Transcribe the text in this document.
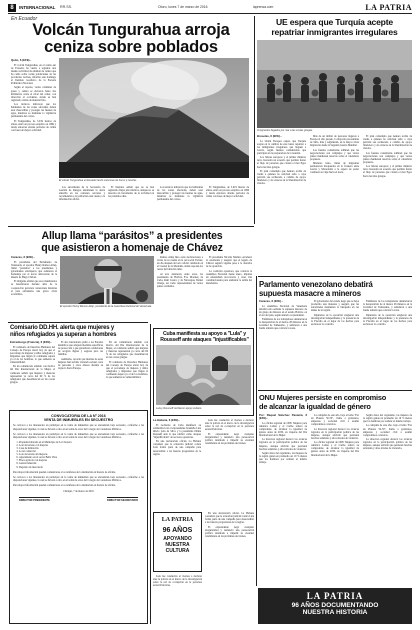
8	INTERNACIONAL RR.SS.	Otoro, lunes 7 de marzo de 2016	laprensa.com	LA PATRIA
En Ecuador
Volcán Tungurahua arroja
ceniza sobre poblados
Quito, 6 (EFE).-

El volcán Tungurahua, en el centro-sur de Ecuador, ha vuelto a registrar una intensa actividad de emisión de ceniza que ha caído sobre varias poblaciones de las provincias vecinas, informó este domingo el Instituto Geofísico de la Escuela Politécnica Nacional.

Según el reporte, varias columnas de gases y ceniza se elevaron hasta dos kilómetros sobre el nivel del cráter, con dirección al occidente, donde se han registrado caídas de material fino.

Los técnicos indicaron que los habitantes de las zonas afectadas deben usar mascarillas y proteger las fuentes de agua, mientras se mantiene la vigilancia permanente del coloso.

El Tungurahua, de 5.019 metros de altura, entró en proceso eruptivo en 1999 y desde entonces alterna períodos de calma con fases de mayor actividad.

El volcán Tungurahua en Ecuador lanzó columnas de humo y cenizas.

Las autoridades de la Secretaría de Gestión de Riesgos mantienen la alerta amarilla en los cantones cercanos y recomiendan a la población estar atenta a la información oficial.

El Instituto señaló que no se han registrado flujos piroclásticos, aunque no se descarta un incremento de la actividad en los próximos días.

Los técnicos indicaron que los habitantes de las zonas afectadas deben usar mascarillas y proteger las fuentes de agua, mientras se mantiene la vigilancia permanente del coloso.

El Tungurahua, de 5.019 metros de altura, entró en proceso eruptivo en 1999 y desde entonces alterna períodos de calma con fases de mayor actividad.

UE espera que Turquía acepte
repatriar inmigrantes irregulares
Inmigrantes llegados por mar a las costas griegas.
Bruselas, 6 (EFE).-

La Unión Europea espera que Turquía acepte en la cumbre de este lunes repatriar a los inmigrantes irregulares que lleguen a Grecia, según fuentes comunitarias que participan en la preparación de la reunión.

Los líderes europeos y el primer ministro turco buscarán un acuerdo que permita frenar el flujo de personas que cruzan el mar Egeo hacia las islas griegas.

El plan contempla que Ankara reciba de vuelta a quienes no soliciten asilo o cuya petición sea rechazada, a cambio de apoyo financiero y de avances en la liberalización de visados.

Más de un millón de personas llegaron a Europa el año pasado, la mayoría procedentes de Siria, Irak y Afganistán, en la mayor crisis migratoria desde la Segunda Guerra Mundial.

Las fuentes consultadas admiten que las negociaciones son complejas y que varios países mantienen reservas sobre el calendario propuesto.

Mientras tanto, miles de migrantes permanecen bloqueados en la frontera entre Grecia y Macedonia a la espera de poder continuar su viaje hacia el norte.

El plan contempla que Ankara reciba de vuelta a quienes no soliciten asilo o cuya petición sea rechazada, a cambio de apoyo financiero y de avances en la liberalización de visados.

Las fuentes consultadas admiten que las negociaciones son complejas y que varios países mantienen reservas sobre el calendario propuesto.

Los líderes europeos y el primer ministro turco buscarán un acuerdo que permita frenar el flujo de personas que cruzan el mar Egeo hacia las islas griegas.

Allup llama “parásitos” a presidentes
que asistieron a homenaje de Chávez
Caracas, 6 (EFE).-

El presidente del Parlamento de Venezuela, el opositor Henry Ramos Allup, llamó "parásitos" a los presidentes y gobernantes extranjeros que asistieron al homenaje por el tercer aniversario de la muerte de Hugo Chávez.

El dirigente afirmó que esos mandatarios se beneficiaron durante años de la cooperación petrolera venezolana mientras el país enfrentaba una grave crisis económica.

El opositor Henry Ramos Allup, presidente de la Asamblea Nacional de Venezuela.

Ramos Allup hizo estas declaraciones a través de su cuenta en la red social Twitter, un día después del acto oficial celebrado en el Cuartel de la Montaña, donde reposan los restos del fallecido líder.

Al acto asistieron, entre otros, los presidentes de Bolivia, Evo Morales; de Cuba, Raúl Castro; y de Nicaragua, Daniel Ortega, así como representantes de varios países caribeños.

El presidente Nicolás Maduro encabezó la ceremonia y aseguró que el legado de Chávez seguirá vigente pese a la ofensiva de la oposición.

La coalición opositora, que controla la Asamblea Nacional desde enero, impulsa un referéndum revocatorio y otras vías constitucionales para adelantar la salida del mandatario.

Comisario DD.HH. alerta que mujeres y
niños refugiados ya superan a hombres
Estrasburgo (Francia), 6 (EFE).-

El comisario de Derechos Humanos del Consejo de Europa alertó hoy de que el porcentaje de mujeres y niños refugiados y migrantes que llegan al continente supera ya al de los hombres, lo que aumenta su vulnerabilidad.

En un comunicado emitido con motivo del Día Internacional de la Mujer, el comisario señaló que mujeres y menores representan ya cerca del 60 % de los refugiados que desembarcan en las costas griegas.

El alto funcionario pidió a los Estados miembros que adopten medidas específicas de protección y que garanticen condiciones de acogida dignas y seguras para las familias.

Asimismo, recordó que muchas de estas mujeres han sufrido violencia sexual, trata de personas y otros abusos durante su trayecto hacia Europa.

En un comunicado emitido con motivo del Día Internacional de la Mujer, el comisario señaló que mujeres y menores representan ya cerca del 60 % de los refugiados que desembarcan en las costas griegas.

El comisario de Derechos Humanos del Consejo de Europa alertó hoy de que el porcentaje de mujeres y niños refugiados y migrantes que llegan al continente supera ya al de los hombres, lo que aumenta su vulnerabilidad.

Cuba manifiesta su apoyo a "Lula" y Rousseff ante ataques "injustificables"
Lula y Rousseff recibieron apoyo cubano.
La Habana, 6 (EFE).-

El Gobierno de Cuba manifestó su solidaridad con el expresidente brasileño Luiz Inácio Lula da Silva y la presidenta Dilma Rousseff ante lo que calificó como ataques "injustificables" de sectores opositores.

En una declaración oficial, La Habana consideró que la actuación judicial contra Lula forma parte de una campaña para desacreditar a las fuerzas progresistas de la región.

Lula fue conducido el viernes a declarar ante la policía en el marco de la investigación sobre la red de corrupción en la petrolera estatal Petrobras.

El expresidente negó cualquier irregularidad y denunció una persecución política destinada a impedir su eventual candidatura en las próximas elecciones.

CONVOCATORIA DE LA Nº 2016
VENTA DE INMUEBLES EN SECUESTRO

Se convoca a los interesados en participar en la venta de inmuebles que se encuentran bajo secuestro, conforme a las disposiciones vigentes, la cual se llevará a cabo en el salón de actos del Colegio de Contadores Públicos.

Se convoca a los interesados en participar en la venta de inmuebles que se encuentran bajo secuestro, conforme a las disposiciones vigentes, la cual se llevará a cabo en el salón de actos del Colegio de Contadores Públicos.

1. Propiedad ubicada en el Municipio de La Chorrera
2. Lote de terreno con mejoras
3. Casa de habitación
4. Local comercial
5. Lote de terreno sin mejoras
6. Apartamento en el sector Bella Vista
7. Finca agrícola con mejoras
8. Galera industrial
9. Depósito de mercancía

Para mayor información pueden comunicarse a los teléfonos de la institución en horario de oficina.

Se convoca a los interesados en participar en la venta de inmuebles que se encuentran bajo secuestro, conforme a las disposiciones vigentes, la cual se llevará a cabo en el salón de actos del Colegio de Contadores Públicos.

Para mayor información pueden comunicarse a los teléfonos de la institución en horario de oficina.

Chiriquí, 7 de marzo de 2016
DIRECTOR PRESIDENTE	DIRECTOR SECRETARIO
LA PATRIA
96 AÑOS
APOYANDO
NUESTRA
CULTURA

En una declaración oficial, La Habana consideró que la actuación judicial contra Lula forma parte de una campaña para desacreditar a las fuerzas progresistas de la región.

El expresidente negó cualquier irregularidad y denunció una persecución política destinada a impedir su eventual candidatura en las próximas elecciones.

Lula fue conducido el viernes a declarar ante la policía en el marco de la investigación sobre la red de corrupción en la petrolera estatal Petrobras.

Parlamento venezolano debatirá
supuesta masacre a mineros
Caracas, 6 (EFE).-

La Asamblea Nacional de Venezuela debatirá esta semana la supuesta masacre de un grupo de mineros en el estado Bolívar, en el sur del país, según anunció su presidente.

Familiares de los trabajadores denunciaron la desaparición de al menos 28 mineros en la localidad de Tumeremo, y señalaron a una banda armada que controla la zona.

El gobernador del estado negó que se haya producido una matanza y aseguró que las autoridades mantienen la búsqueda en las minas de la región.

Diputados de la oposición exigieron una investigación independiente y la presencia de la Fiscalía en el lugar de los hechos para esclarecer lo ocurrido.

Familiares de los trabajadores denunciaron la desaparición de al menos 28 mineros en la localidad de Tumeremo, y señalaron a una banda armada que controla la zona.

Diputados de la oposición exigieron una investigación independiente y la presencia de la Fiscalía en el lugar de los hechos para esclarecer lo ocurrido.

ONU Mujeres persiste en compromiso
de alcanzar la igualdad de género
Por: Raquel Sánchez Panamá, 6 (EFE).-

La oficina regional de ONU Mujeres para América Latina y el Caribe reiteró su compromiso de alcanzar la igualdad de género antes de 2030, en vísperas del Día Internacional de la Mujer.

La directora regional destacó los avances logrados en la participación política de las mujeres, aunque advirtió que persisten brechas salariales y altos niveles de violencia.

Según datos del organismo, las mujeres de la región ganan en promedio un 19 % menos que los hombres por realizar el mismo trabajo.

La campaña de este año, bajo el lema "Por un Planeta 50-50", llama a gobiernos, empresas y sociedad civil a asumir compromisos concretos.

La directora regional destacó los avances logrados en la participación política de las mujeres, aunque advirtió que persisten brechas salariales y altos niveles de violencia.

La oficina regional de ONU Mujeres para América Latina y el Caribe reiteró su compromiso de alcanzar la igualdad de género antes de 2030, en vísperas del Día Internacional de la Mujer.

Según datos del organismo, las mujeres de la región ganan en promedio un 19 % menos que los hombres por realizar el mismo trabajo.

La campaña de este año, bajo el lema "Por un Planeta 50-50", llama a gobiernos, empresas y sociedad civil a asumir compromisos concretos.

La directora regional destacó los avances logrados en la participación política de las mujeres, aunque advirtió que persisten brechas salariales y altos niveles de violencia.

LA PATRIA
96 AÑOS DOCUMENTANDO
NUESTRA HISTORIA
